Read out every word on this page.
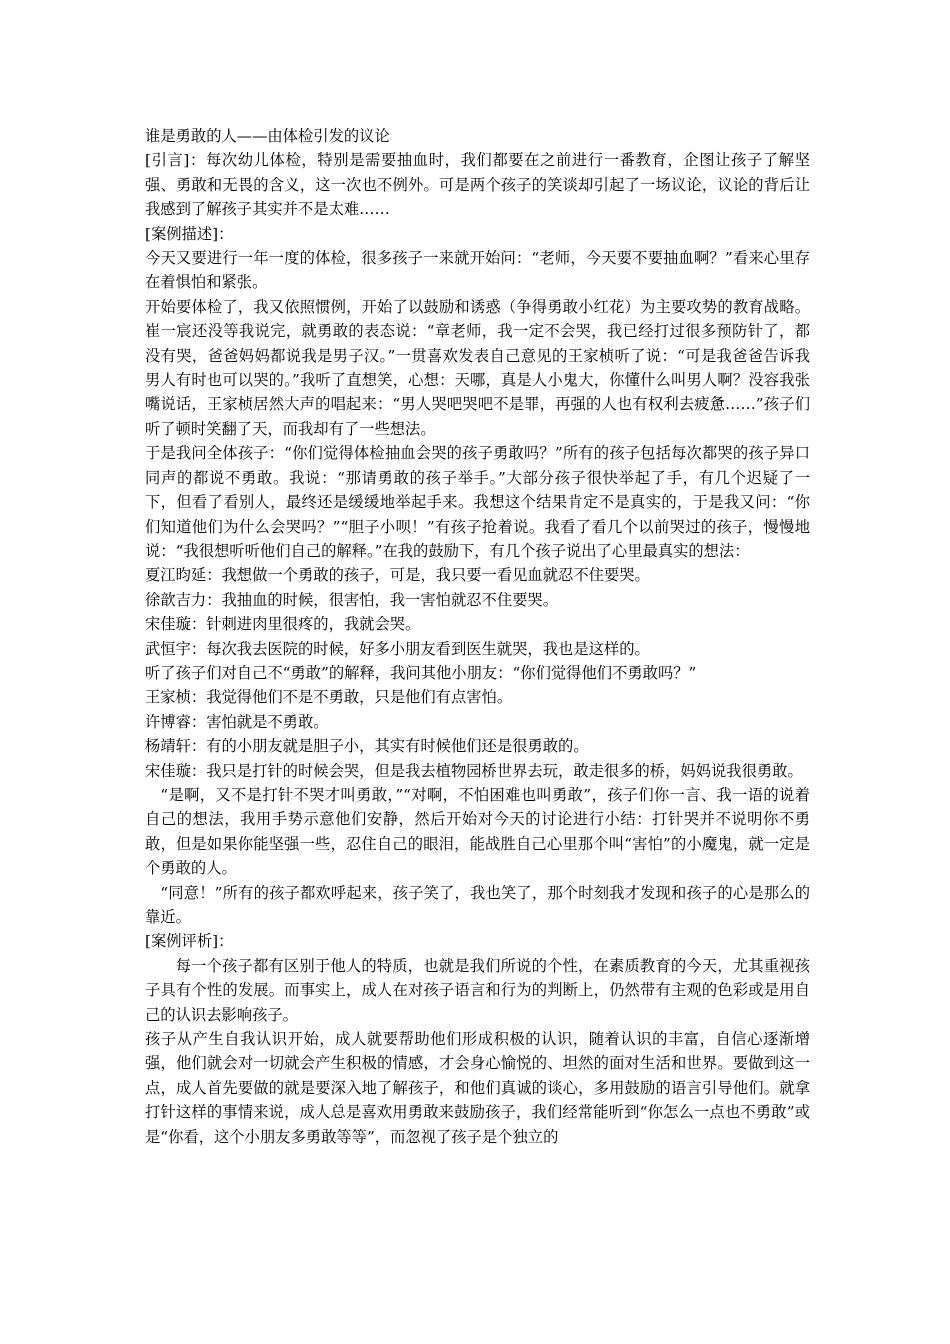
谁是勇敢的人——由体检引发的议论

[引言]：每次幼儿体检，特别是需要抽血时，我们都要在之前进行一番教育，企图让孩子了解坚强、勇敢和无畏的含义，这一次也不例外。可是两个孩子的笑谈却引起了一场议论，议论的背后让我感到了解孩子其实并不是太难……

[案例描述]：

今天又要进行一年一度的体检，很多孩子一来就开始问：“老师，今天要不要抽血啊？”看来心里存在着惧怕和紧张。

开始要体检了，我又依照惯例，开始了以鼓励和诱惑（争得勇敢小红花）为主要攻势的教育战略。崔一宸还没等我说完，就勇敢的表态说：“章老师，我一定不会哭，我已经打过很多预防针了，都没有哭，爸爸妈妈都说我是男子汉。”一贯喜欢发表自己意见的王家桢听了说：“可是我爸爸告诉我男人有时也可以哭的。”我听了直想笑，心想：天哪，真是人小鬼大，你懂什么叫男人啊？没容我张嘴说话，王家桢居然大声的唱起来：“男人哭吧哭吧不是罪，再强的人也有权利去疲惫……”孩子们听了顿时笑翻了天，而我却有了一些想法。

于是我问全体孩子：“你们觉得体检抽血会哭的孩子勇敢吗？”所有的孩子包括每次都哭的孩子异口同声的都说不勇敢。我说：“那请勇敢的孩子举手。”大部分孩子很快举起了手，有几个迟疑了一下，但看了看别人，最终还是缓缓地举起手来。我想这个结果肯定不是真实的，于是我又问：“你们知道他们为什么会哭吗？”“胆子小呗！”有孩子抢着说。我看了看几个以前哭过的孩子，慢慢地说：“我很想听听他们自己的解释。”在我的鼓励下，有几个孩子说出了心里最真实的想法：

夏江昀延：我想做一个勇敢的孩子，可是，我只要一看见血就忍不住要哭。

徐歆吉力：我抽血的时候，很害怕，我一害怕就忍不住要哭。

宋佳璇：针刺进肉里很疼的，我就会哭。

武恒宇：每次我去医院的时候，好多小朋友看到医生就哭，我也是这样的。

听了孩子们对自己不“勇敢”的解释，我问其他小朋友：“你们觉得他们不勇敢吗？”

王家桢：我觉得他们不是不勇敢，只是他们有点害怕。

许博睿：害怕就是不勇敢。

杨靖轩：有的小朋友就是胆子小，其实有时候他们还是很勇敢的。

宋佳璇：我只是打针的时候会哭，但是我去植物园桥世界去玩，敢走很多的桥，妈妈说我很勇敢。

“是啊，又不是打针不哭才叫勇敢，”“对啊，不怕困难也叫勇敢”，孩子们你一言、我一语的说着自己的想法，我用手势示意他们安静，然后开始对今天的讨论进行小结：打针哭并不说明你不勇敢，但是如果你能坚强一些，忍住自己的眼泪，能战胜自己心里那个叫“害怕”的小魔鬼，就一定是个勇敢的人。

“同意！”所有的孩子都欢呼起来，孩子笑了，我也笑了，那个时刻我才发现和孩子的心是那么的靠近。

[案例评析]：

每一个孩子都有区别于他人的特质，也就是我们所说的个性，在素质教育的今天，尤其重视孩子具有个性的发展。而事实上，成人在对孩子语言和行为的判断上，仍然带有主观的色彩或是用自己的认识去影响孩子。

孩子从产生自我认识开始，成人就要帮助他们形成积极的认识，随着认识的丰富，自信心逐渐增强，他们就会对一切就会产生积极的情感，才会身心愉悦的、坦然的面对生活和世界。要做到这一点，成人首先要做的就是要深入地了解孩子，和他们真诚的谈心，多用鼓励的语言引导他们。就拿打针这样的事情来说，成人总是喜欢用勇敢来鼓励孩子，我们经常能听到“你怎么一点也不勇敢”或是“你看，这个小朋友多勇敢等等”，而忽视了孩子是个独立的
